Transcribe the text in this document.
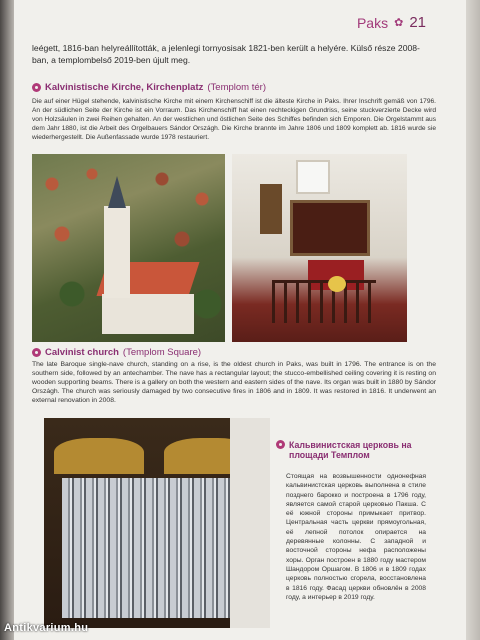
Paks ✿ 21
leégett, 1816-ban helyreállították, a jelenlegi tornyosisak 1821-ben került a helyére. Külső része 2008-ban, a templombelső 2019-ben újult meg.
Kalvinistische Kirche, Kirchenplatz (Templom tér)
Die auf einer Hügel stehende, kalvinistische Kirche mit einem Kirchenschiff ist die älteste Kirche in Paks. Ihrer Inschrift gemäß von 1796. An der südlichen Seite der Kirche ist ein Vorraum. Das Kirchenschiff hat einen rechteckigen Grundriss, seine stuckverzierte Decke wird von Holzsäulen in zwei Reihen gehalten. An der westlichen und östlichen Seite des Schiffes befinden sich Emporen. Die Orgelstammt aus dem Jahr 1880, ist die Arbeit des Orgelbauers Sándor Országh. Die Kirche brannte im Jahre 1806 und 1809 komplett ab. 1816 wurde sie wiederhergestellt. Die Außenfassade wurde 1978 restauriert.
Calvinist church (Templom Square)
The late Baroque single-nave church, standing on a rise, is the oldest church in Paks, was built in 1796. The entrance is on the southern side, followed by an antechamber. The nave has a rectangular layout; the stucco-embellished ceiling covering it is resting on wooden supporting beams. There is a gallery on both the western and eastern sides of the nave. Its organ was built in 1880 by Sándor Országh. The church was seriously damaged by two consecutive fires in 1806 and in 1809. It was restored in 1816. It underwent an external renovation in 2008.
Кальвинистская церковь на площади Темплом
Стоящая на возвышенности однонефная кальвинистская церковь выполнена в стиле позднего барокко и построена в 1796 году, является самой старой церковью Пакша. С её южной стороны примыкает притвор. Центральная часть церкви прямоугольная, её лепной потолок опирается на деревянные колонны. С западной и восточной стороны нефа расположены хоры. Орган построен в 1880 году мастером Шандором Оршагом. В 1806 и в 1809 годах церковь полностью сгорела, восстановлена в 1816 году. Фасад церкви обновлён в 2008 году, а интерьер в 2019 году.
Antikvarium.hu
